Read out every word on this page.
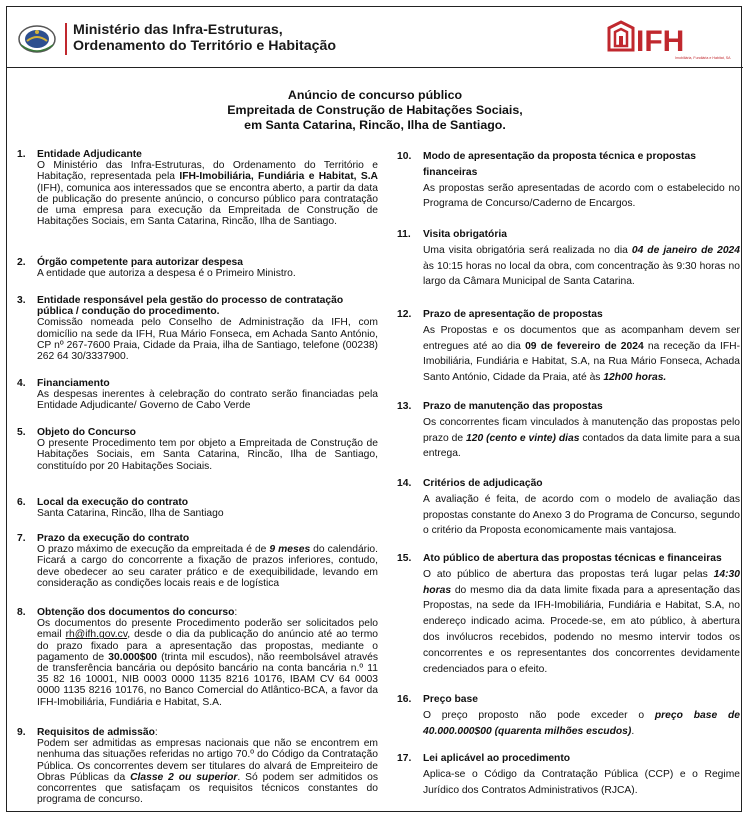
Ministério das Infra-Estruturas,
Ordenamento do Território e Habitação	IFH
Imobiliária, Fundiária e Habitat, SA
Anúncio de concurso público
Empreitada de Construção de Habitações Sociais,
em Santa Catarina, Rincão, Ilha de Santiago.
1. Entidade Adjudicante
O Ministério das Infra-Estruturas, do Ordenamento do Território e Habitação, representada pela IFH-Imobiliária, Fundiária e Habitat, S.A (IFH), comunica aos interessados que se encontra aberto, a partir da data de publicação do presente anúncio, o concurso público para contratação de uma empresa para execução da Empreitada de Construção de Habitações Sociais, em Santa Catarina, Rincão, Ilha de Santiago.
2. Órgão competente para autorizar despesa
A entidade que autoriza a despesa é o Primeiro Ministro.
3. Entidade responsável pela gestão do processo de contratação pública / condução do procedimento.
Comissão nomeada pelo Conselho de Administração da IFH, com domicílio na sede da IFH, Rua Mário Fonseca, em Achada Santo António, CP nº 267-7600 Praia, Cidade da Praia, ilha de Santiago, telefone (00238) 262 64 30/3337900.
4. Financiamento
As despesas inerentes à celebração do contrato serão financiadas pela Entidade Adjudicante/ Governo de Cabo Verde
5. Objeto do Concurso
O presente Procedimento tem por objeto a Empreitada de Construção de Habitações Sociais, em Santa Catarina, Rincão, Ilha de Santiago, constituído por 20 Habitações Sociais.
6. Local da execução do contrato
Santa Catarina, Rincão, Ilha de Santiago
7. Prazo da execução do contrato
O prazo máximo de execução da empreitada é de 9 meses do calendário. Ficará a cargo do concorrente a fixação de prazos inferiores, contudo, deve obedecer ao seu carater prático e de exequibilidade, levando em consideração as condições locais reais e de logística
8. Obtenção dos documentos do concurso:
Os documentos do presente Procedimento poderão ser solicitados pelo email rh@ifh.gov.cv, desde o dia da publicação do anúncio até ao termo do prazo fixado para a apresentação das propostas, mediante o pagamento de 30.000$00 (trinta mil escudos), não reembolsável através de transferência bancária ou depósito bancário na conta bancária n.º 11 35 82 16 10001, NIB 0003 0000 1135 8216 10176, IBAM CV 64 0003 0000 1135 8216 10176, no Banco Comercial do Atlântico-BCA, a favor da IFH-Imobiliária, Fundiária e Habitat, S.A.
9. Requisitos de admissão:
Podem ser admitidas as empresas nacionais que não se encontrem em nenhuma das situações referidas no artigo 70.º do Código da Contratação Pública. Os concorrentes devem ser titulares do alvará de Empreiteiro de Obras Públicas da Classe 2 ou superior. Só podem ser admitidos os concorrentes que satisfaçam os requisitos técnicos constantes do programa de concurso.
10. Modo de apresentação da proposta técnica e propostas financeiras
As propostas serão apresentadas de acordo com o estabelecido no Programa de Concurso/Caderno de Encargos.
11. Visita obrigatória
Uma visita obrigatória será realizada no dia 04 de janeiro de 2024 às 10:15 horas no local da obra, com concentração às 9:30 horas no largo da Câmara Municipal de Santa Catarina.
12. Prazo de apresentação de propostas
As Propostas e os documentos que as acompanham devem ser entregues até ao dia 09 de fevereiro de 2024 na receção da IFH-Imobiliária, Fundiária e Habitat, S.A, na Rua Mário Fonseca, Achada Santo António, Cidade da Praia, até às 12h00 horas.
13. Prazo de manutenção das propostas
Os concorrentes ficam vinculados à manutenção das propostas pelo prazo de 120 (cento e vinte) dias contados da data limite para a sua entrega.
14. Critérios de adjudicação
A avaliação é feita, de acordo com o modelo de avaliação das propostas constante do Anexo 3 do Programa de Concurso, segundo o critério da Proposta economicamente mais vantajosa.
15. Ato público de abertura das propostas técnicas e financeiras
O ato público de abertura das propostas terá lugar pelas 14:30 horas do mesmo dia da data limite fixada para a apresentação das Propostas, na sede da IFH-Imobiliária, Fundiária e Habitat, S.A, no endereço indicado acima. Procede-se, em ato público, à abertura dos invólucros recebidos, podendo no mesmo intervir todos os concorrentes e os representantes dos concorrentes devidamente credenciados para o efeito.
16. Preço base
O preço proposto não pode exceder o preço base de 40.000.000$00 (quarenta milhões escudos).
17. Lei aplicável ao procedimento
Aplica-se o Código da Contratação Pública (CCP) e o Regime Jurídico dos Contratos Administrativos (RJCA).
